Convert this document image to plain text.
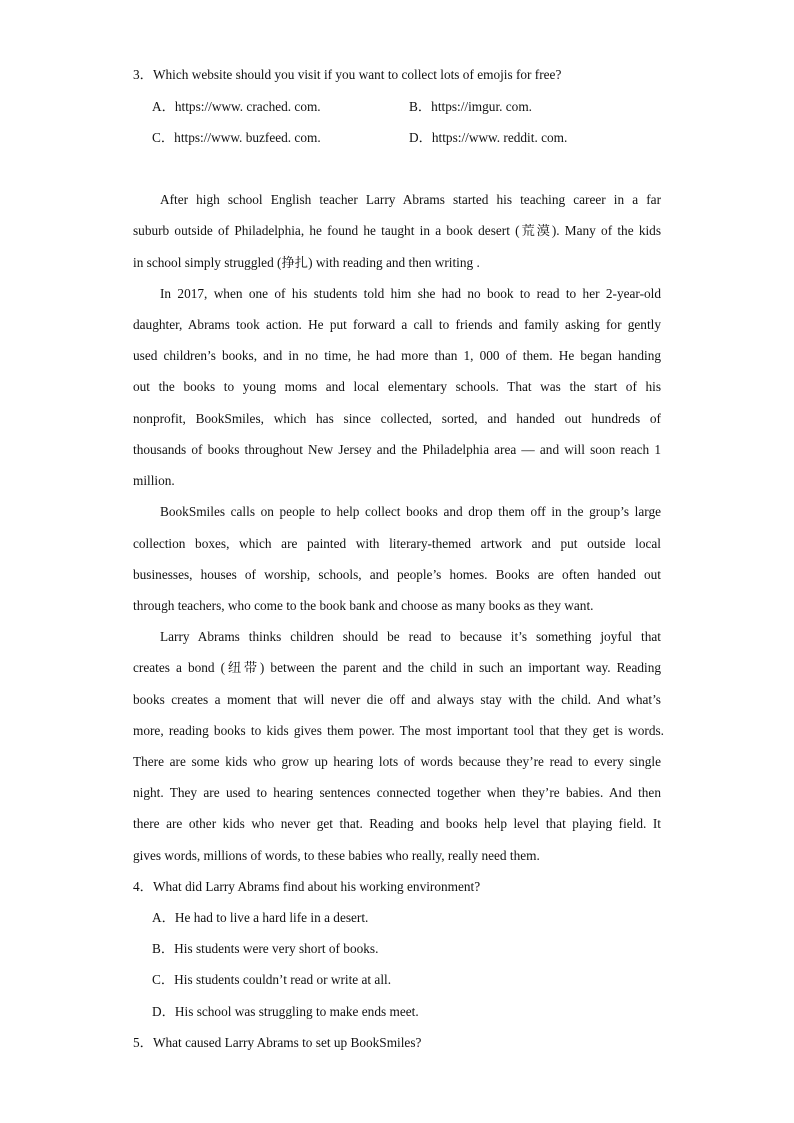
3．Which website should you visit if you want to collect lots of emojis for free?
A．https://www. crached. com.	B．https://imgur. com.
C．https://www. buzfeed. com.	D．https://www. reddit. com.
After high school English teacher Larry Abrams started his teaching career in a far
suburb outside of Philadelphia, he found he taught in a book desert (荒漠). Many of the kids
in school simply struggled (挣扎) with reading and then writing .
In 2017, when one of his students told him she had no book to read to her 2-year-old
daughter, Abrams took action. He put forward a call to friends and family asking for gently
used children’s books, and in no time, he had more than 1, 000 of them. He began handing
out the books to young moms and local elementary schools. That was the start of his
nonprofit, BookSmiles, which has since collected, sorted, and handed out hundreds of
thousands of books throughout New Jersey and the Philadelphia area — and will soon reach 1
million.
BookSmiles calls on people to help collect books and drop them off in the group’s large
collection boxes, which are painted with literary-themed artwork and put outside local
businesses, houses of worship, schools, and people’s homes. Books are often handed out
through teachers, who come to the book bank and choose as many books as they want.
Larry Abrams thinks children should be read to because it’s something joyful that
creates a bond (纽带) between the parent and the child in such an important way. Reading
books creates a moment that will never die off and always stay with the child. And what’s
more, reading books to kids gives them power. The most important tool that they get is words.
There are some kids who grow up hearing lots of words because they’re read to every single
night. They are used to hearing sentences connected together when they’re babies. And then
there are other kids who never get that. Reading and books help level that playing field. It
gives words, millions of words, to these babies who really, really need them.
4．What did Larry Abrams find about his working environment?
A．He had to live a hard life in a desert.
B．His students were very short of books.
C．His students couldn’t read or write at all.
D．His school was struggling to make ends meet.
5．What caused Larry Abrams to set up BookSmiles?
